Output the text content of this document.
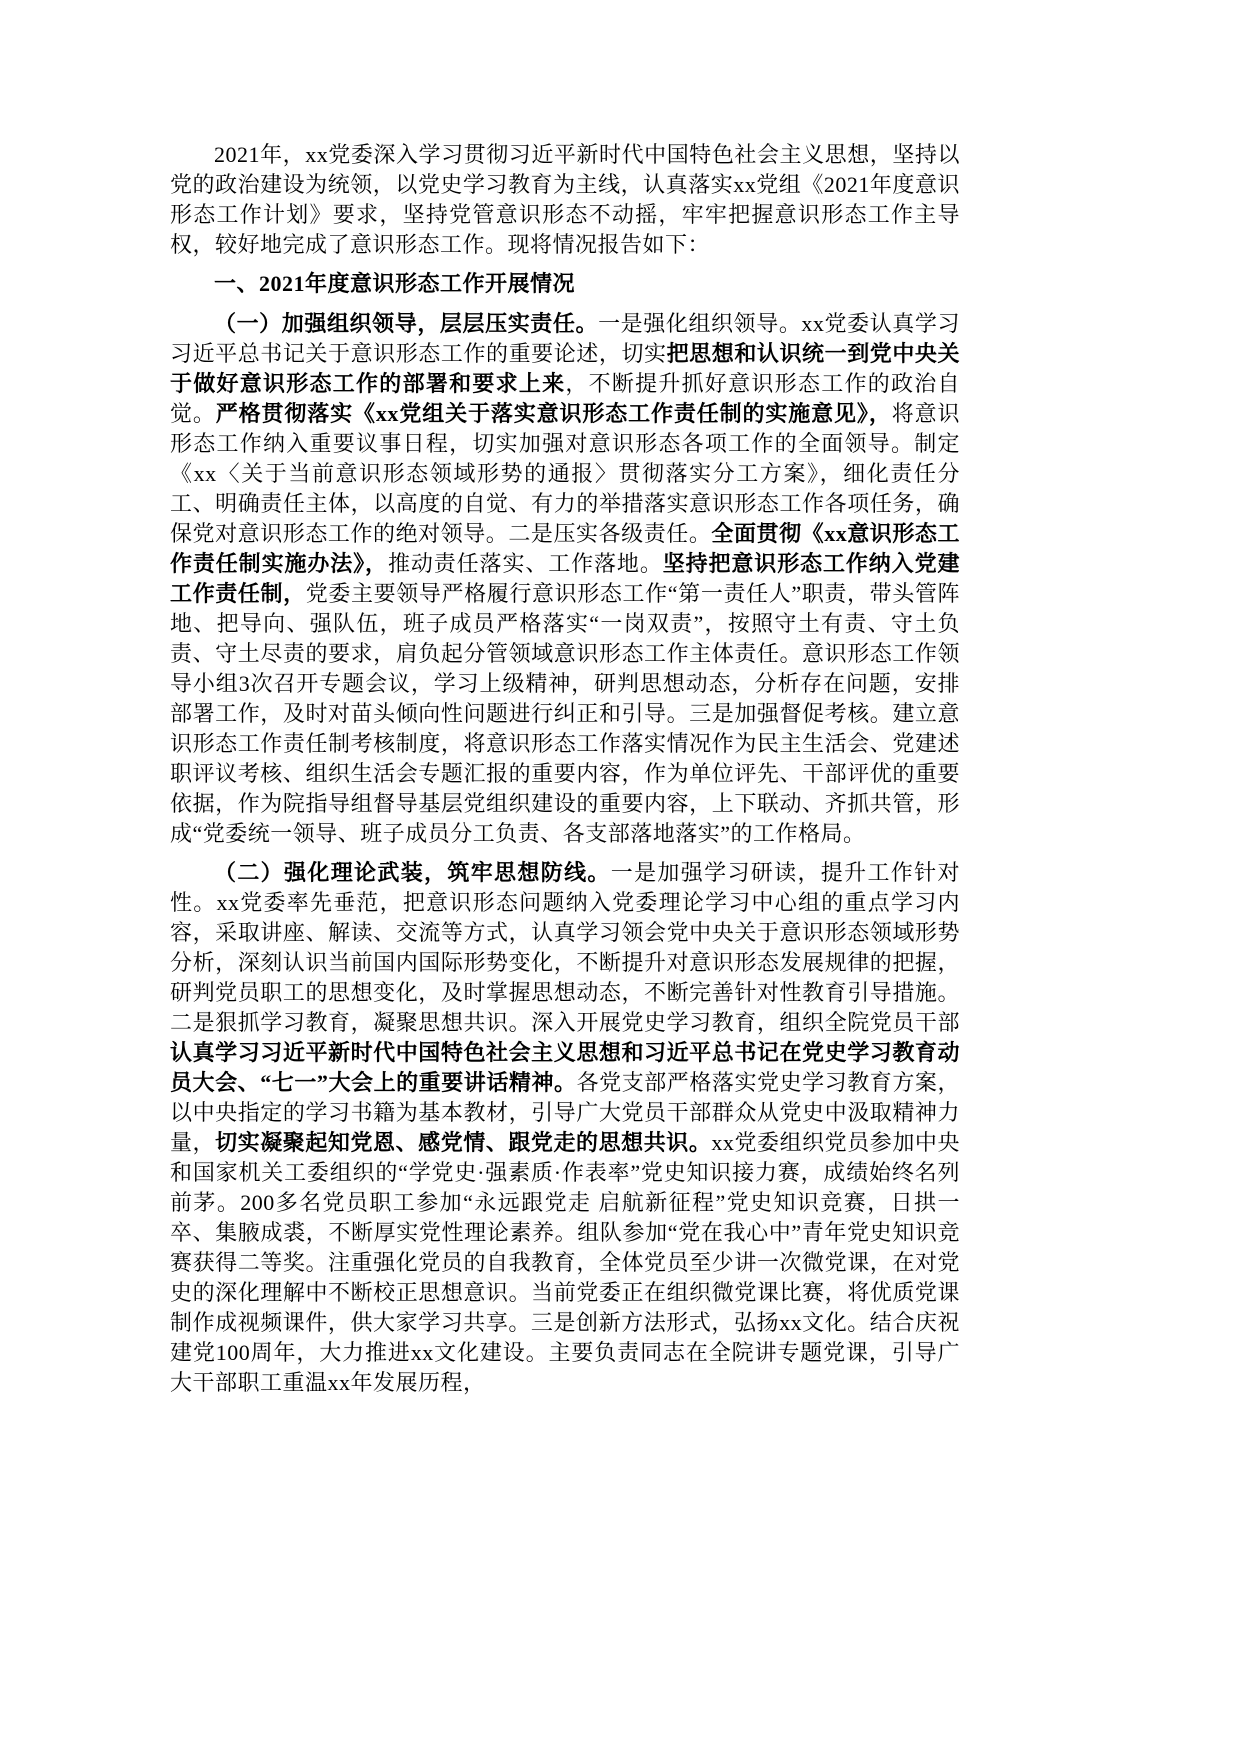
2021年，xx党委深入学习贯彻习近平新时代中国特色社会主义思想，坚持以党的政治建设为统领，以党史学习教育为主线，认真落实xx党组《2021年度意识形态工作计划》要求，坚持党管意识形态不动摇，牢牢把握意识形态工作主导权，较好地完成了意识形态工作。现将情况报告如下：

一、2021年度意识形态工作开展情况

（一）加强组织领导，层层压实责任。一是强化组织领导。xx党委认真学习习近平总书记关于意识形态工作的重要论述，切实把思想和认识统一到党中央关于做好意识形态工作的部署和要求上来，不断提升抓好意识形态工作的政治自觉。严格贯彻落实《xx党组关于落实意识形态工作责任制的实施意见》，将意识形态工作纳入重要议事日程，切实加强对意识形态各项工作的全面领导。制定《xx〈关于当前意识形态领域形势的通报〉贯彻落实分工方案》，细化责任分工、明确责任主体，以高度的自觉、有力的举措落实意识形态工作各项任务，确保党对意识形态工作的绝对领导。二是压实各级责任。全面贯彻《xx意识形态工作责任制实施办法》，推动责任落实、工作落地。坚持把意识形态工作纳入党建工作责任制，党委主要领导严格履行意识形态工作“第一责任人”职责，带头管阵地、把导向、强队伍，班子成员严格落实“一岗双责”，按照守土有责、守土负责、守土尽责的要求，肩负起分管领域意识形态工作主体责任。意识形态工作领导小组3次召开专题会议，学习上级精神，研判思想动态，分析存在问题，安排部署工作，及时对苗头倾向性问题进行纠正和引导。三是加强督促考核。建立意识形态工作责任制考核制度，将意识形态工作落实情况作为民主生活会、党建述职评议考核、组织生活会专题汇报的重要内容，作为单位评先、干部评优的重要依据，作为院指导组督导基层党组织建设的重要内容，上下联动、齐抓共管，形成“党委统一领导、班子成员分工负责、各支部落地落实”的工作格局。

（二）强化理论武装，筑牢思想防线。一是加强学习研读，提升工作针对性。xx党委率先垂范，把意识形态问题纳入党委理论学习中心组的重点学习内容，采取讲座、解读、交流等方式，认真学习领会党中央关于意识形态领域形势分析，深刻认识当前国内国际形势变化，不断提升对意识形态发展规律的把握，研判党员职工的思想变化，及时掌握思想动态，不断完善针对性教育引导措施。二是狠抓学习教育，凝聚思想共识。深入开展党史学习教育，组织全院党员干部认真学习习近平新时代中国特色社会主义思想和习近平总书记在党史学习教育动员大会、“七一”大会上的重要讲话精神。各党支部严格落实党史学习教育方案，以中央指定的学习书籍为基本教材，引导广大党员干部群众从党史中汲取精神力量，切实凝聚起知党恩、感党情、跟党走的思想共识。xx党委组织党员参加中央和国家机关工委组织的“学党史·强素质·作表率”党史知识接力赛，成绩始终名列前茅。200多名党员职工参加“永远跟党走 启航新征程”党史知识竞赛，日拱一卒、集腋成裘，不断厚实党性理论素养。组队参加“党在我心中”青年党史知识竞赛获得二等奖。注重强化党员的自我教育，全体党员至少讲一次微党课，在对党史的深化理解中不断校正思想意识。当前党委正在组织微党课比赛，将优质党课制作成视频课件，供大家学习共享。三是创新方法形式，弘扬xx文化。结合庆祝建党100周年，大力推进xx文化建设。主要负责同志在全院讲专题党课，引导广大干部职工重温xx年发展历程，
